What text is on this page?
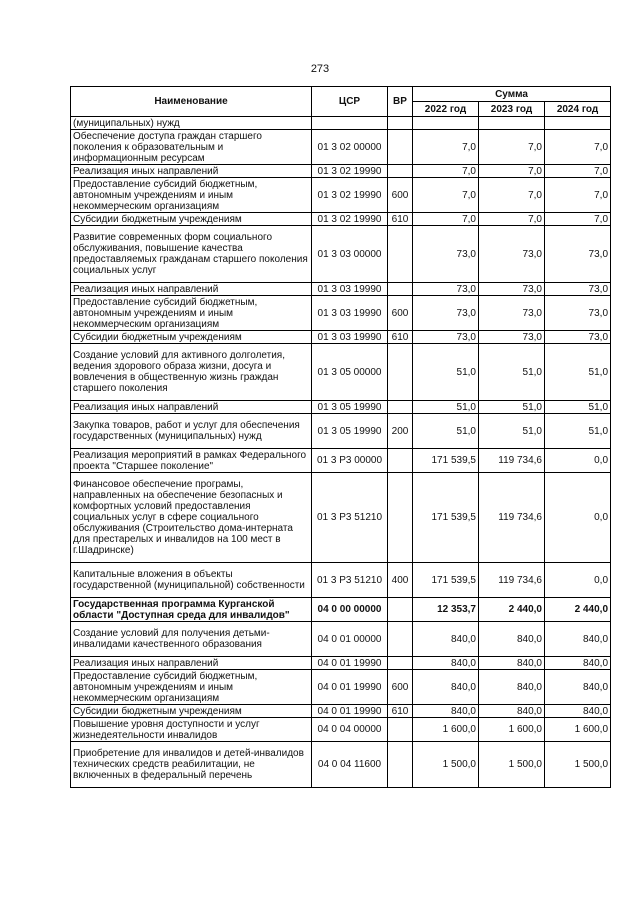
273
Наименование	ЦСР	ВР	Сумма		
			2022 год	2023 год	2024 год
(муниципальных) нужд					
Обеспечение доступа граждан старшего поколения к образовательным и информационным ресурсам	01 3 02 00000		7,0	7,0	7,0
Реализация иных направлений	01 3 02 19990		7,0	7,0	7,0
Предоставление субсидий бюджетным, автономным учреждениям и иным некоммерческим организациям	01 3 02 19990	600	7,0	7,0	7,0
Субсидии бюджетным учреждениям	01 3 02 19990	610	7,0	7,0	7,0
Развитие современных форм социального обслуживания, повышение качества предоставляемых гражданам старшего поколения социальных услуг	01 3 03 00000		73,0	73,0	73,0
Реализация иных направлений	01 3 03 19990		73,0	73,0	73,0
Предоставление субсидий бюджетным, автономным учреждениям и иным некоммерческим организациям	01 3 03 19990	600	73,0	73,0	73,0
Субсидии бюджетным учреждениям	01 3 03 19990	610	73,0	73,0	73,0
Создание условий для активного долголетия, ведения здорового образа жизни, досуга и вовлечения в общественную жизнь граждан старшего поколения	01 3 05 00000		51,0	51,0	51,0
Реализация иных направлений	01 3 05 19990		51,0	51,0	51,0
Закупка товаров, работ и услуг для обеспечения государственных (муниципальных) нужд	01 3 05 19990	200	51,0	51,0	51,0
Реализация мероприятий в рамках Федерального проекта "Старшее поколение"	01 3 Р3 00000		171 539,5	119 734,6	0,0
Финансовое обеспечение програмы, направленных на обеспечение безопасных и комфортных условий предоставления социальных услуг в сфере социального обслуживания (Строительство дома-интерната для престарелых и инвалидов на 100 мест в г.Шадринске)	01 3 Р3 51210		171 539,5	119 734,6	0,0
Капитальные вложения в объекты государственной (муниципальной) собственности	01 3 Р3 51210	400	171 539,5	119 734,6	0,0
Государственная программа Курганской области "Доступная среда для инвалидов"	04 0 00 00000		12 353,7	2 440,0	2 440,0
Создание условий для получения детьми-инвалидами качественного образования	04 0 01 00000		840,0	840,0	840,0
Реализация иных направлений	04 0 01 19990		840,0	840,0	840,0
Предоставление субсидий бюджетным, автономным учреждениям и иным некоммерческим организациям	04 0 01 19990	600	840,0	840,0	840,0
Субсидии бюджетным учреждениям	04 0 01 19990	610	840,0	840,0	840,0
Повышение уровня доступности и услуг жизнедеятельности инвалидов	04 0 04 00000		1 600,0	1 600,0	1 600,0
Приобретение для инвалидов и детей-инвалидов технических средств реабилитации, не включенных в федеральный перечень	04 0 04 11600		1 500,0	1 500,0	1 500,0
